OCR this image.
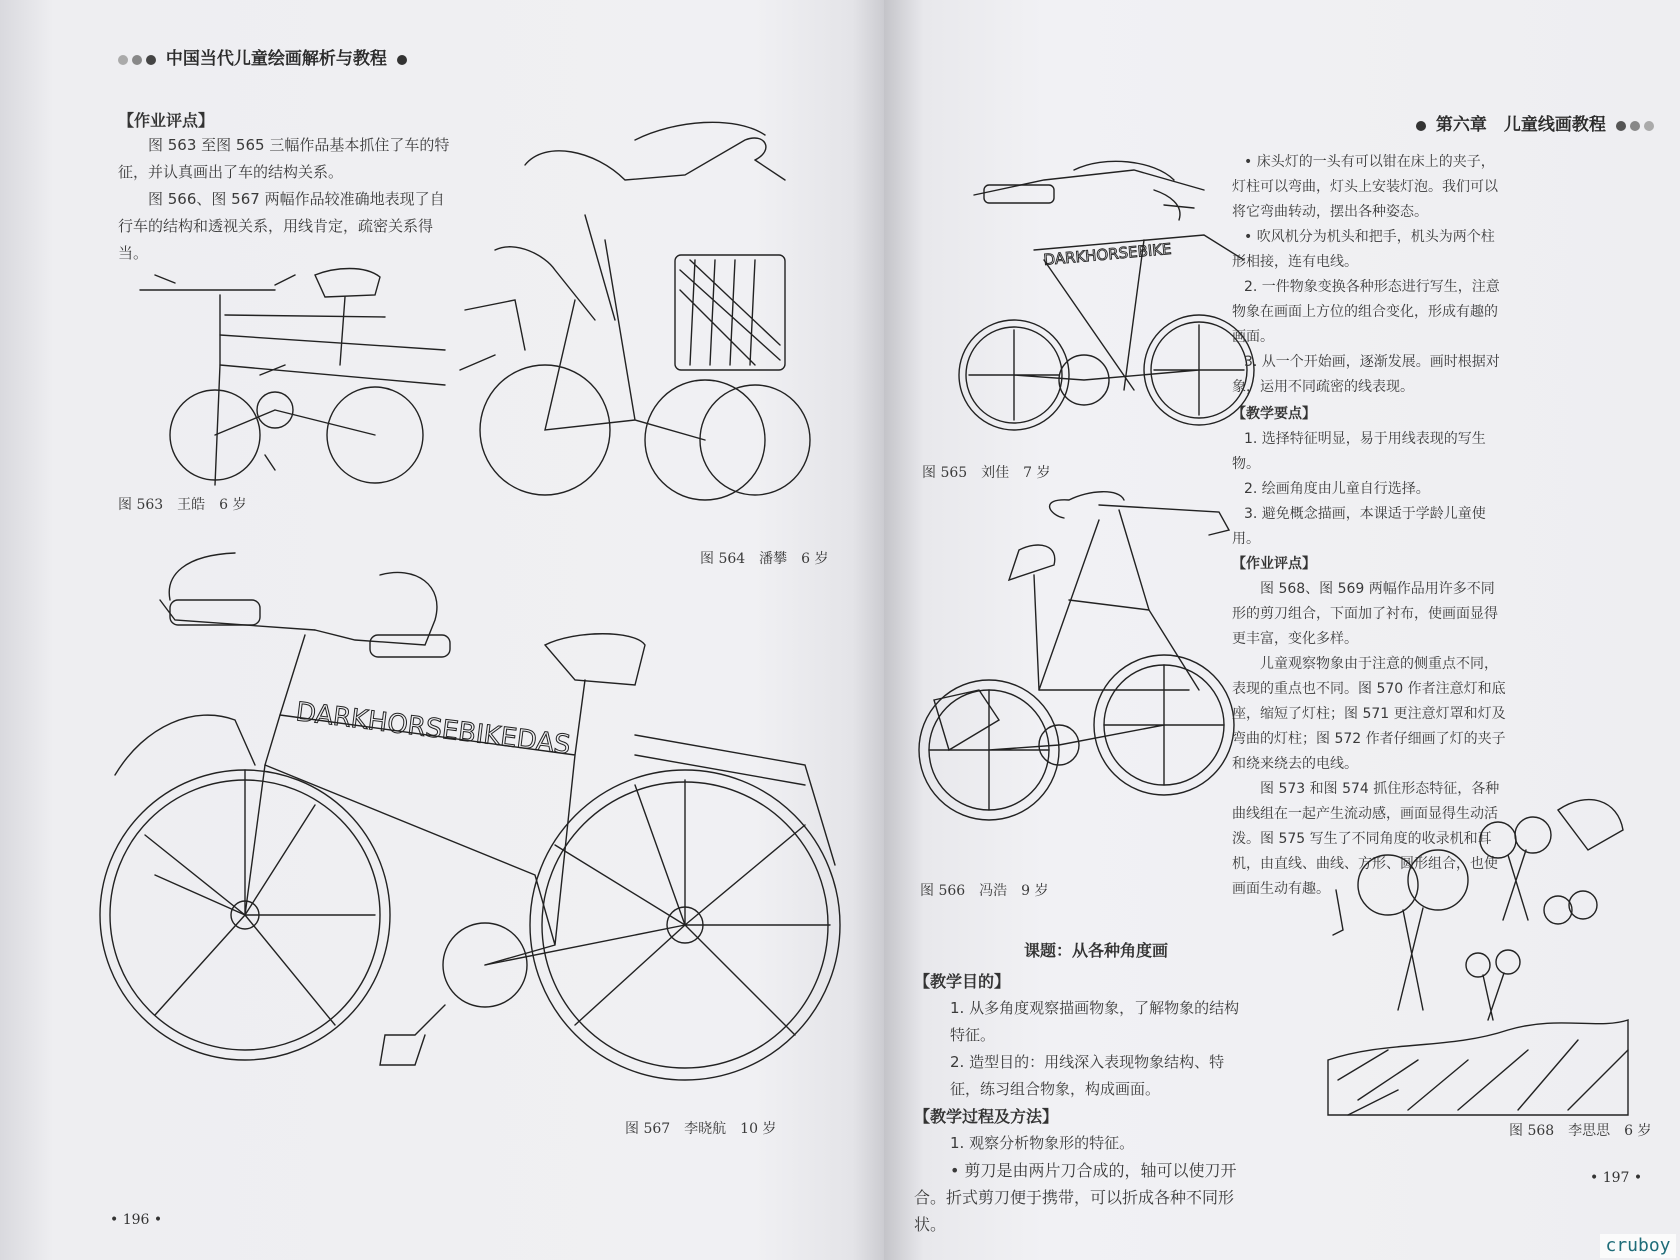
中国当代儿童绘画解析与教程
【作业评点】

图 563 至图 565 三幅作品基本抓住了车的特征，并认真画出了车的结构关系。

图 566、图 567 两幅作品较准确地表现了自行车的结构和透视关系，用线肯定，疏密关系得当。

图 563　王皓　6 岁
图 564　潘攀　6 岁
DARKHORSEBIKEDAS
图 567　李晓航　10 岁
• 196 •
第六章　儿童线画教程
DARKHORSEBIKE
图 565　刘佳　7 岁
图 566　冯浩　9 岁

• 床头灯的一头有可以钳在床上的夹子，灯柱可以弯曲，灯头上安装灯泡。我们可以将它弯曲转动，摆出各种姿态。

• 吹风机分为机头和把手，机头为两个柱形相接，连有电线。

2. 一件物象变换各种形态进行写生，注意物象在画面上方位的组合变化，形成有趣的画面。

3. 从一个开始画，逐渐发展。画时根据对象，运用不同疏密的线表现。

【教学要点】

1. 选择特征明显，易于用线表现的写生物。

2. 绘画角度由儿童自行选择。

3. 避免概念描画，本课适于学龄儿童使用。

【作业评点】

图 568、图 569 两幅作品用许多不同形的剪刀组合，下面加了衬布，使画面显得更丰富，变化多样。

儿童观察物象由于注意的侧重点不同，表现的重点也不同。图 570 作者注意灯和底座，缩短了灯柱；图 571 更注意灯罩和灯及弯曲的灯柱；图 572 作者仔细画了灯的夹子和绕来绕去的电线。

图 573 和图 574 抓住形态特征，各种曲线组在一起产生流动感，画面显得生动活泼。图 575 写生了不同角度的收录机和耳机，由直线、曲线、方形、圆形组合，也使画面生动有趣。

课题：从各种角度画

【教学目的】

1. 从多角度观察描画物象，了解物象的结构特征。

2. 造型目的：用线深入表现物象结构、特征，练习组合物象，构成画面。

【教学过程及方法】

1. 观察分析物象形的特征。

• 剪刀是由两片刀合成的，轴可以使刀开合。折式剪刀便于携带，可以折成各种不同形状。

图 568　李思思　6 岁
• 197 •
cruboy
